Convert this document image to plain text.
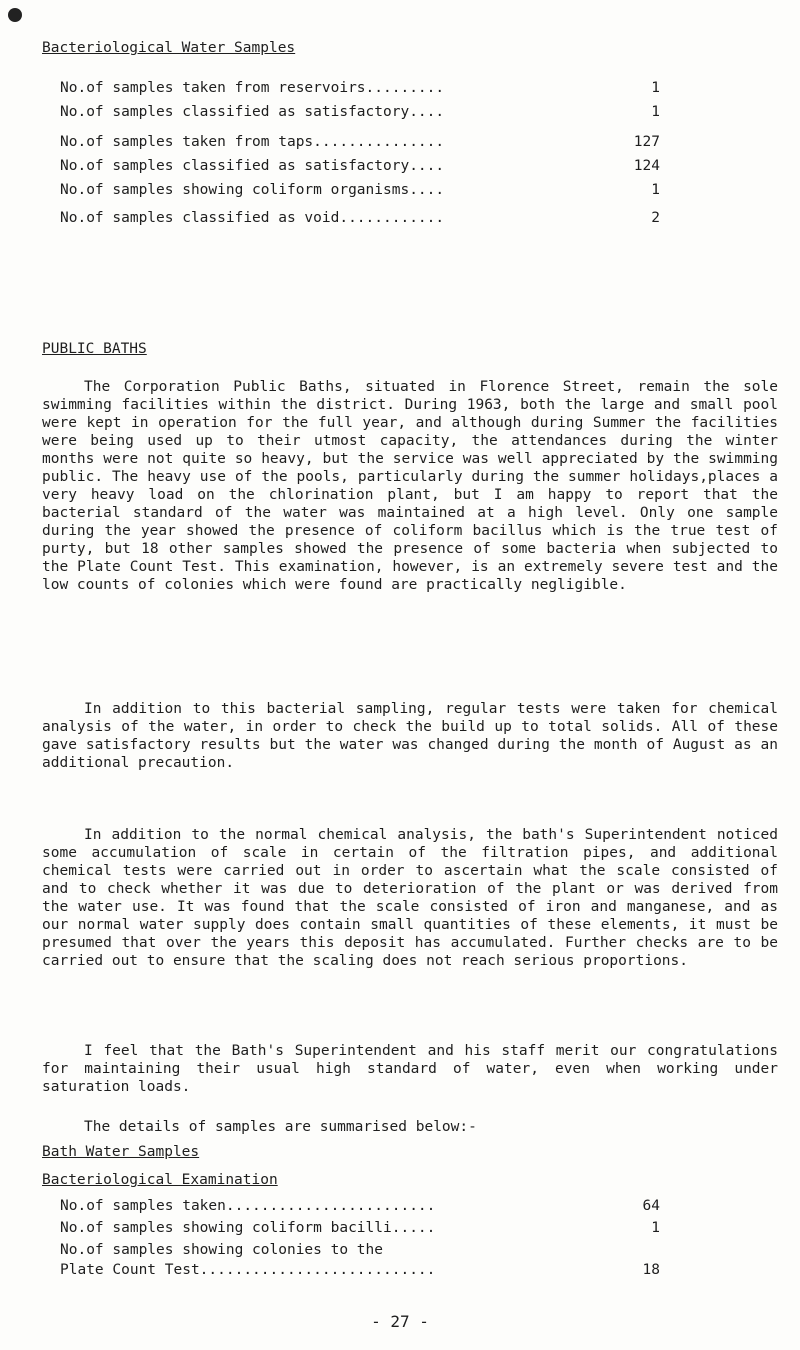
Bacteriological Water Samples
No.of samples taken from reservoirs.........	1
No.of samples classified as satisfactory....	1
No.of samples taken from taps...............	127
No.of samples classified as satisfactory....	124
No.of samples showing coliform organisms....	1
No.of samples classified as void............	2
PUBLIC BATHS

The Corporation Public Baths, situated in Florence Street, remain the sole swimming facilities within the district. During 1963, both the large and small pool were kept in operation for the full year, and although during Summer the facilities were being used up to their utmost capacity, the attendances during the winter months were not quite so heavy, but the service was well appreciated by the swimming public. The heavy use of the pools, particularly during the summer holidays,places a very heavy load on the chlorination plant, but I am happy to report that the bacterial standard of the water was maintained at a high level. Only one sample during the year showed the presence of coliform bacillus which is the true test of purty, but 18 other samples showed the presence of some bacteria when subjected to the Plate Count Test. This examination, however, is an extremely severe test and the low counts of colonies which were found are practically negligible.

In addition to this bacterial sampling, regular tests were taken for chemical analysis of the water, in order to check the build up to total solids. All of these gave satisfactory results but the water was changed during the month of August as an additional precaution.

In addition to the normal chemical analysis, the bath's Superintendent noticed some accumulation of scale in certain of the filtration pipes, and additional chemical tests were carried out in order to ascertain what the scale consisted of and to check whether it was due to deterioration of the plant or was derived from the water use. It was found that the scale consisted of iron and manganese, and as our normal water supply does contain small quantities of these elements, it must be presumed that over the years this deposit has accumulated. Further checks are to be carried out to ensure that the scaling does not reach serious proportions.

I feel that the Bath's Superintendent and his staff merit our congratulations for maintaining their usual high standard of water, even when working under saturation loads.

The details of samples are summarised below:-

Bath Water Samples
Bacteriological Examination
No.of samples taken........................	64
No.of samples showing coliform bacilli.....	1
No.of samples showing colonies to the
Plate Count Test...........................	18
- 27 -
